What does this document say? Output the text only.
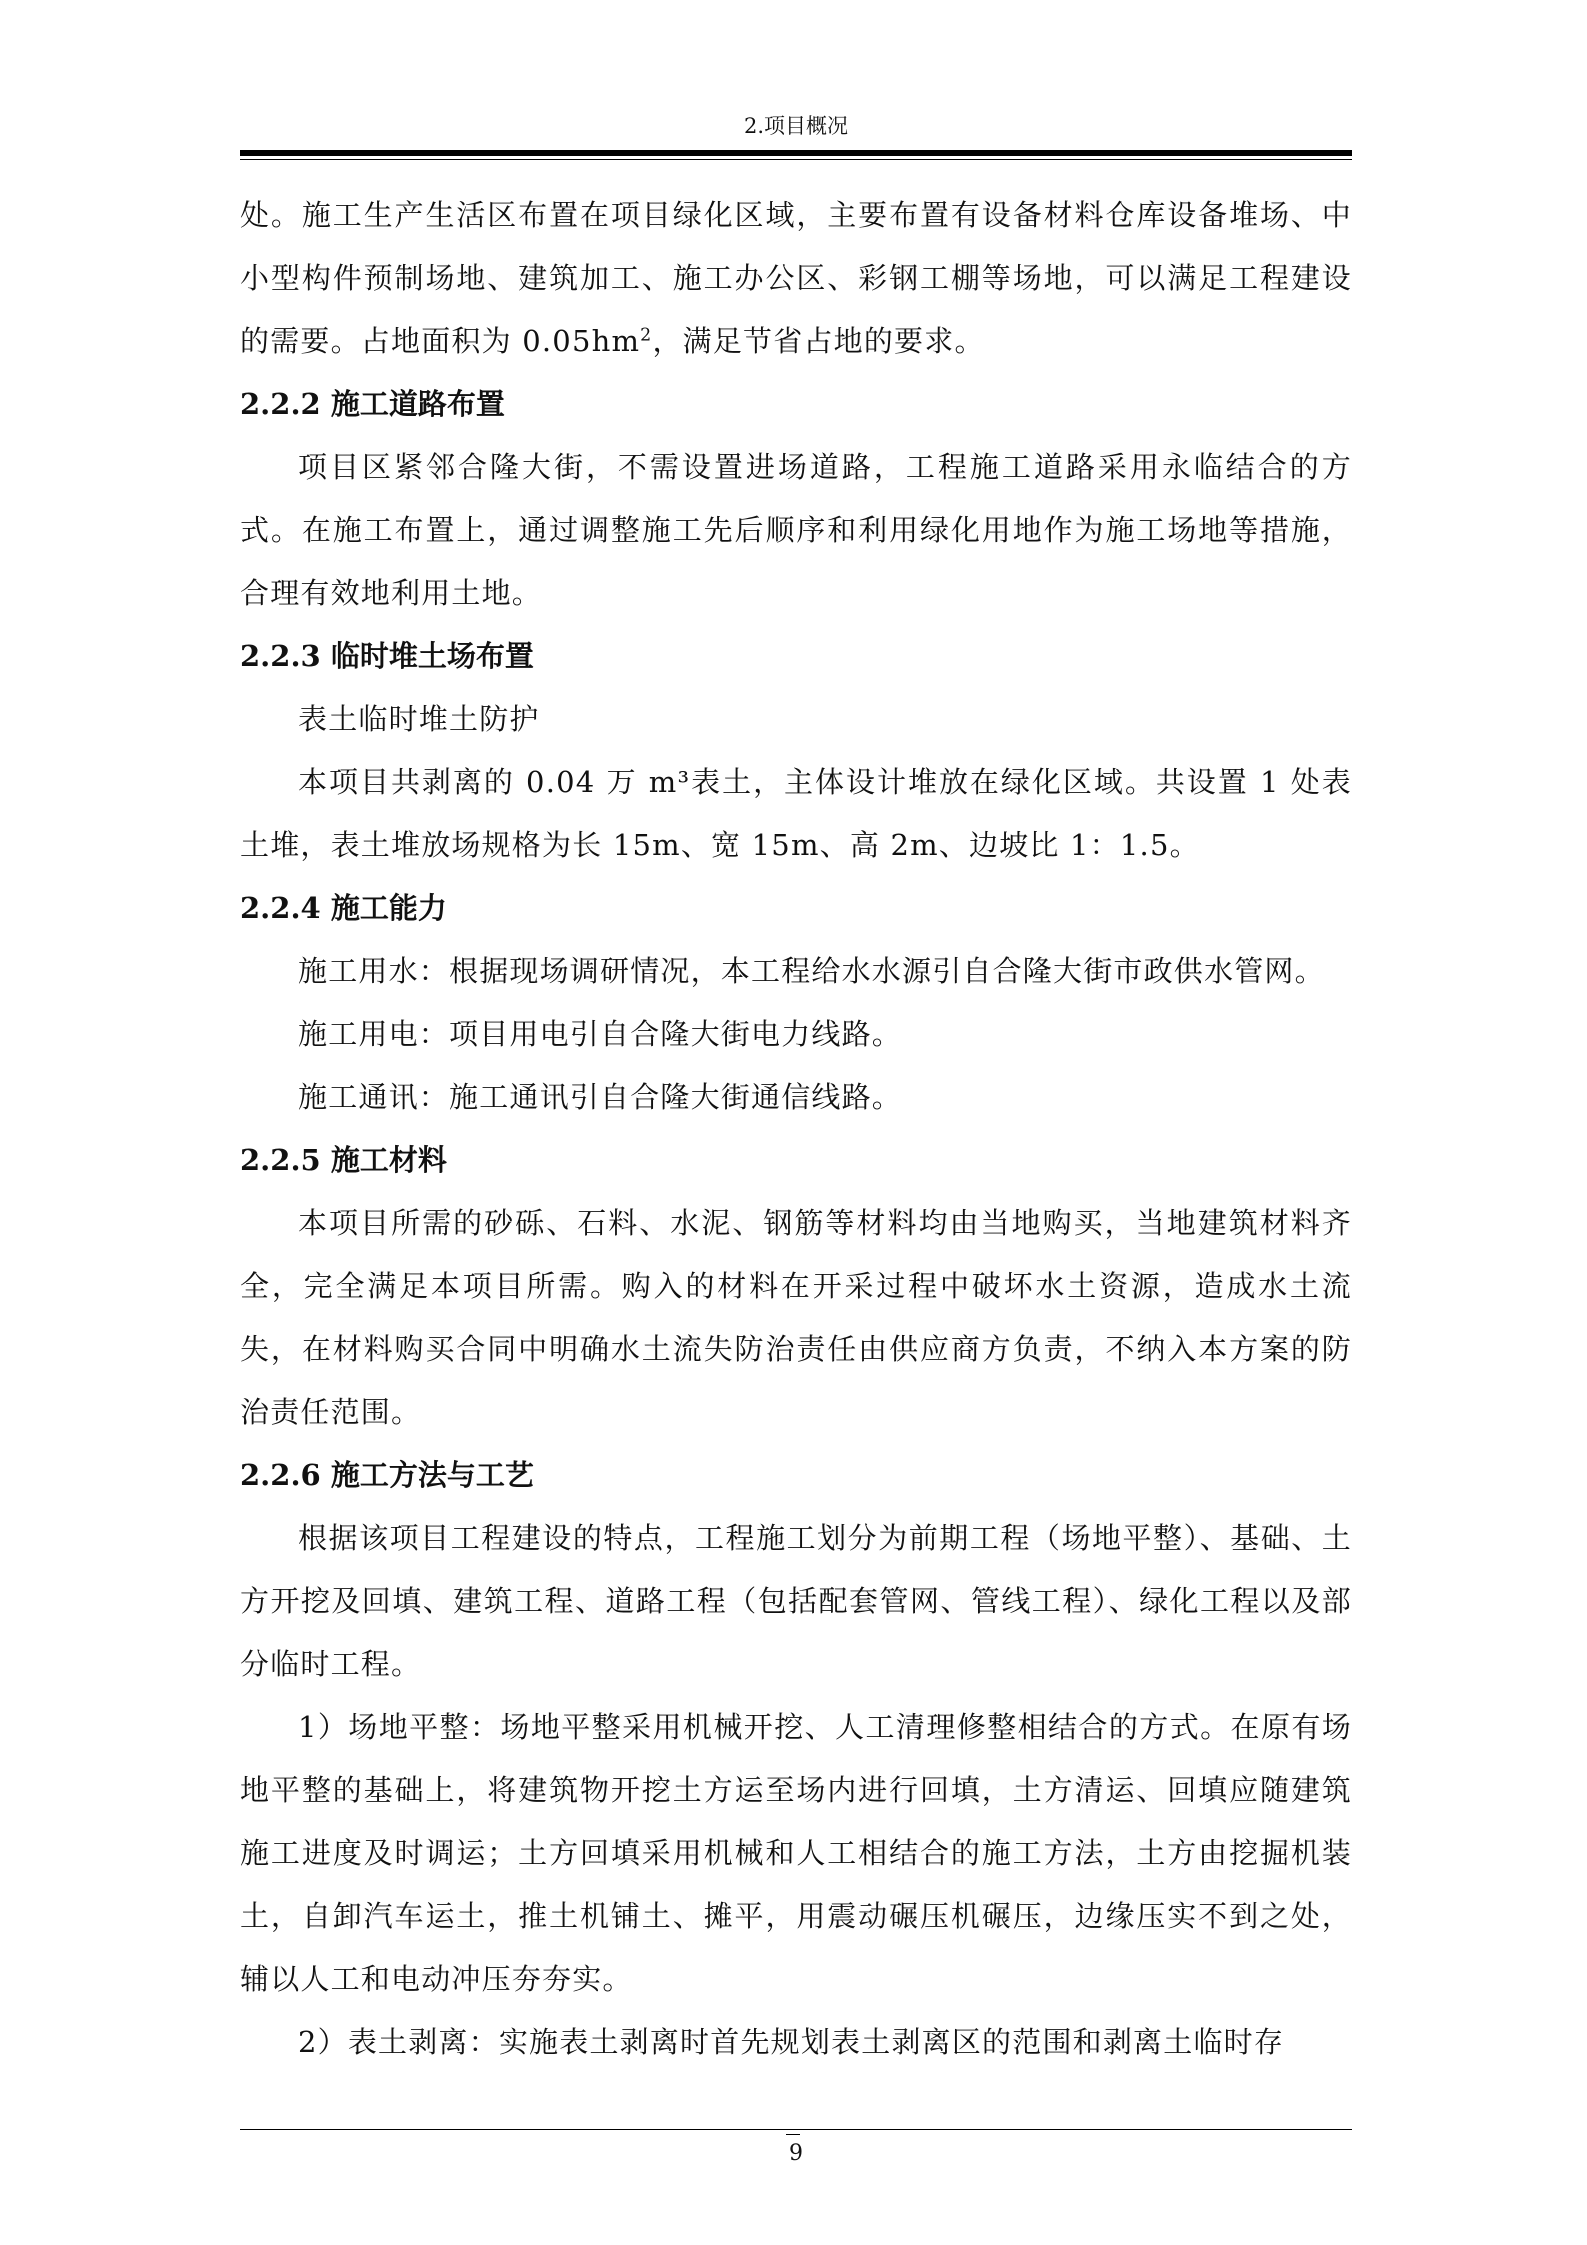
2.项目概况

处。施工生产生活区布置在项目绿化区域，主要布置有设备材料仓库设备堆场、中小型构件预制场地、建筑加工、施工办公区、彩钢工棚等场地，可以满足工程建设的需要。占地面积为 $0.05hm^2$，满足节省占地的要求。

2.2.2 施工道路布置

项目区紧邻合隆大街，不需设置进场道路，工程施工道路采用永临结合的方式。在施工布置上，通过调整施工先后顺序和利用绿化用地作为施工场地等措施，合理有效地利用土地。

2.2.3 临时堆土场布置

表土临时堆土防护

本项目共剥离的 0.04 万 m³表土，主体设计堆放在绿化区域。共设置 1 处表土堆，表土堆放场规格为长 15m、宽 15m、高 2m、边坡比 1：1.5。

2.2.4 施工能力

施工用水：根据现场调研情况，本工程给水水源引自合隆大街市政供水管网。

施工用电：项目用电引自合隆大街电力线路。

施工通讯：施工通讯引自合隆大街通信线路。

2.2.5 施工材料

本项目所需的砂砾、石料、水泥、钢筋等材料均由当地购买，当地建筑材料齐全，完全满足本项目所需。购入的材料在开采过程中破坏水土资源，造成水土流失，在材料购买合同中明确水土流失防治责任由供应商方负责，不纳入本方案的防治责任范围。

2.2.6 施工方法与工艺

根据该项目工程建设的特点，工程施工划分为前期工程（场地平整）、基础、土方开挖及回填、建筑工程、道路工程（包括配套管网、管线工程）、绿化工程以及部分临时工程。

1）场地平整：场地平整采用机械开挖、人工清理修整相结合的方式。在原有场地平整的基础上，将建筑物开挖土方运至场内进行回填，土方清运、回填应随建筑施工进度及时调运；土方回填采用机械和人工相结合的施工方法，土方由挖掘机装土，自卸汽车运土，推土机铺土、摊平，用震动碾压机碾压，边缘压实不到之处，辅以人工和电动冲压夯夯实。

2）表土剥离：实施表土剥离时首先规划表土剥离区的范围和剥离土临时存

9
